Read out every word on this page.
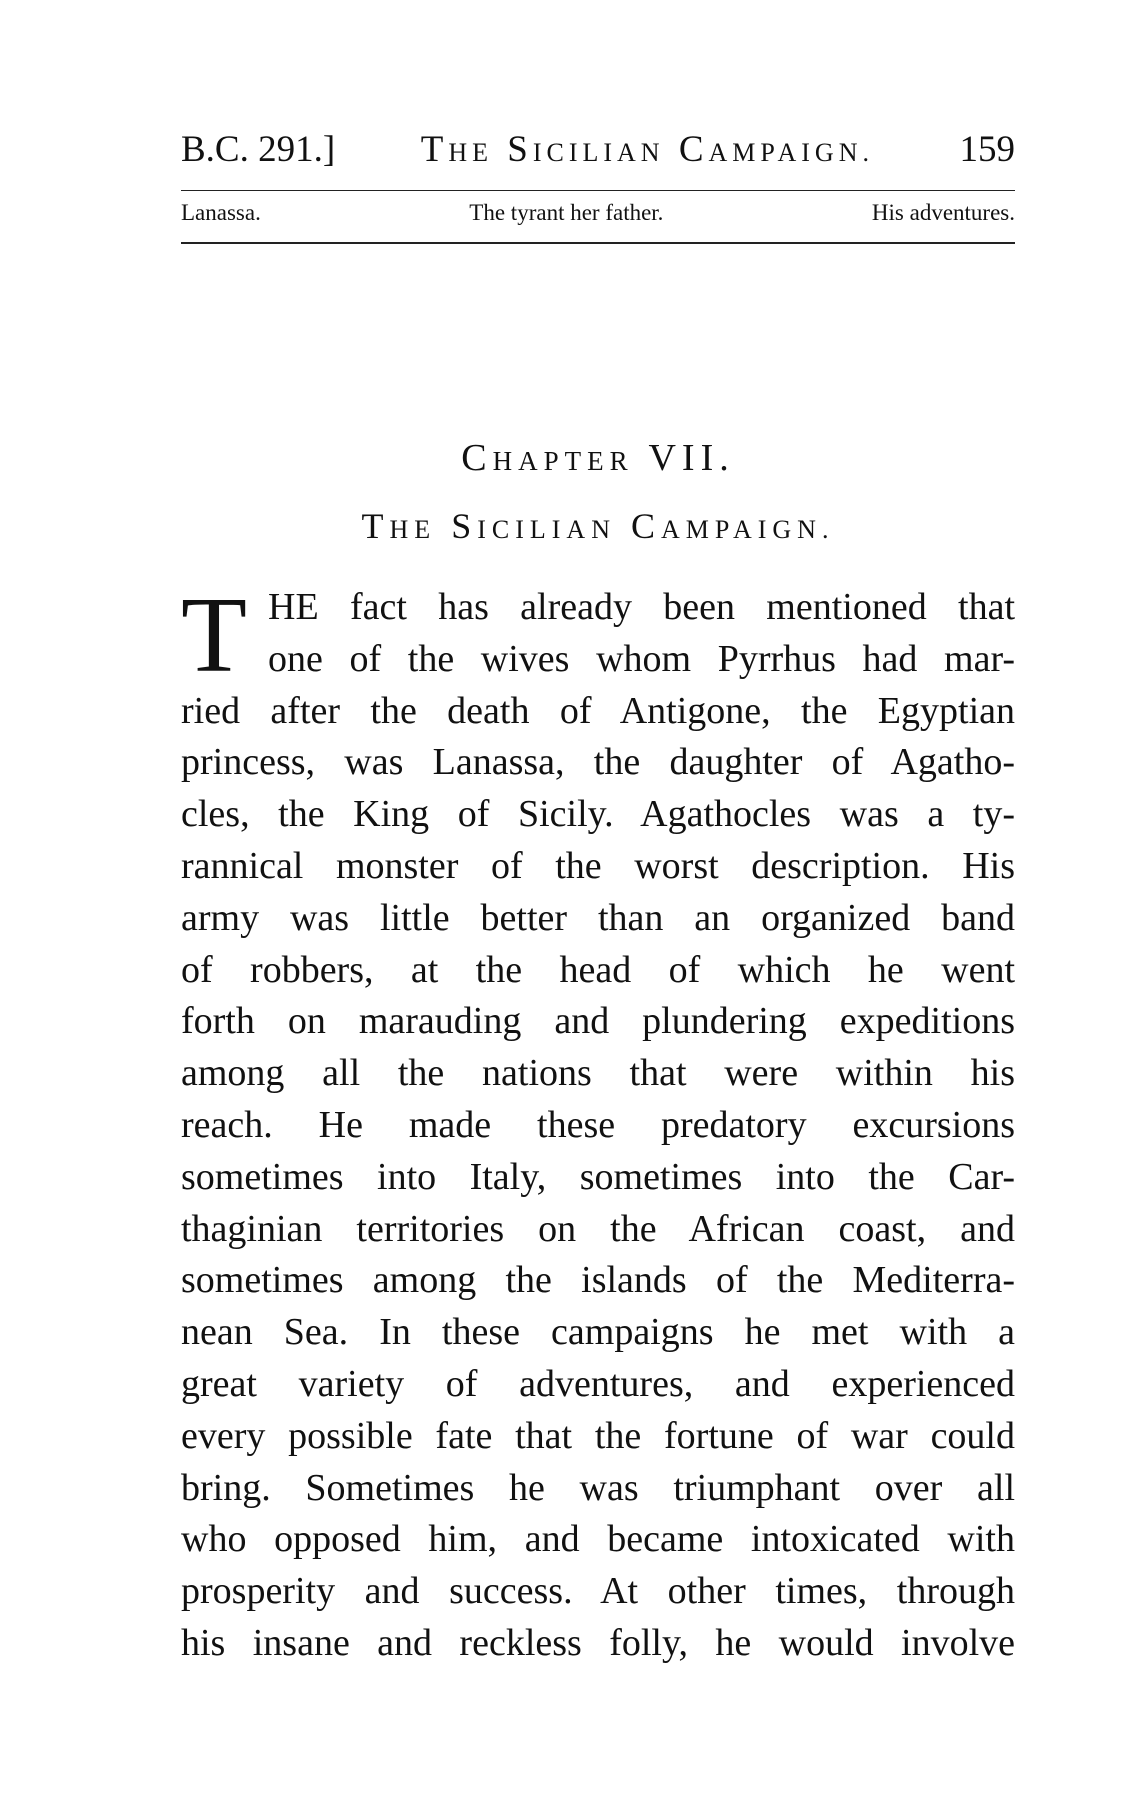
B.C. 291.]	THE SICILIAN CAMPAIGN.	159
Lanassa.	The tyrant her father.	His adventures.
CHAPTER VII.
THE SICILIAN CAMPAIGN.
T HE fact has already been mentioned that
one of the wives whom Pyrrhus had mar-
ried after the death of Antigone, the Egyptian
princess, was Lanassa, the daughter of Agatho-
cles, the King of Sicily. Agathocles was a ty-
rannical monster of the worst description. His
army was little better than an organized band
of robbers, at the head of which he went
forth on marauding and plundering expeditions
among all the nations that were within his
reach. He made these predatory excursions
sometimes into Italy, sometimes into the Car-
thaginian territories on the African coast, and
sometimes among the islands of the Mediterra-
nean Sea. In these campaigns he met with a
great variety of adventures, and experienced
every possible fate that the fortune of war could
bring. Sometimes he was triumphant over all
who opposed him, and became intoxicated with
prosperity and success. At other times, through
his insane and reckless folly, he would involve
